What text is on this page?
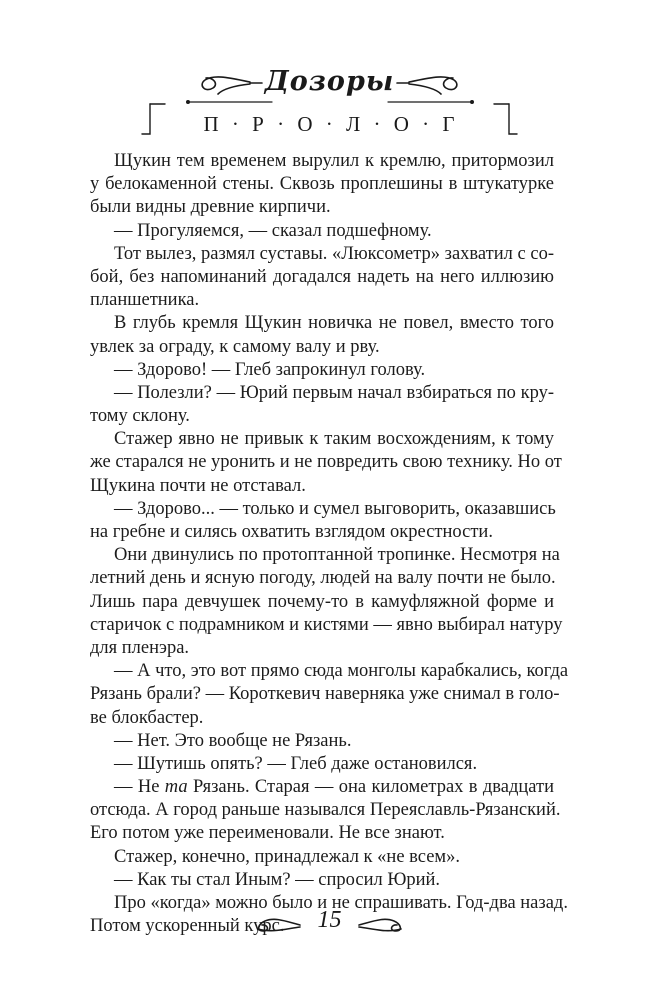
Дозоры
П · Р · О · Л · О · Г
Щукин тем временем вырулил к кремлю, притормозил
у белокаменной стены. Сквозь проплешины в штукатурке
были видны древние кирпичи.
— Прогуляемся, — сказал подшефному.
Тот вылез, размял суставы. «Люксометр» захватил с со-
бой, без напоминаний догадался надеть на него иллюзию
планшетника.
В глубь кремля Щукин новичка не повел, вместо того
увлек за ограду, к самому валу и рву.
— Здорово! — Глеб запрокинул голову.
— Полезли? — Юрий первым начал взбираться по кру-
тому склону.
Стажер явно не привык к таким восхождениям, к тому
же старался не уронить и не повредить свою технику. Но от
Щукина почти не отставал.
— Здорово... — только и сумел выговорить, оказавшись
на гребне и силясь охватить взглядом окрестности.
Они двинулись по протоптанной тропинке. Несмотря на
летний день и ясную погоду, людей на валу почти не было.
Лишь пара девчушек почему-то в камуфляжной форме и
старичок с подрамником и кистями — явно выбирал натуру
для пленэра.
— А что, это вот прямо сюда монголы карабкались, когда
Рязань брали? — Короткевич наверняка уже снимал в голо-
ве блокбастер.
— Нет. Это вообще не Рязань.
— Шутишь опять? — Глеб даже остановился.
— Не та Рязань. Старая — она километрах в двадцати
отсюда. А город раньше назывался Переяславль-Рязанский.
Его потом уже переименовали. Не все знают.
Стажер, конечно, принадлежал к «не всем».
— Как ты стал Иным? — спросил Юрий.
Про «когда» можно было и не спрашивать. Год-два назад.
Потом ускоренный курс.	15
